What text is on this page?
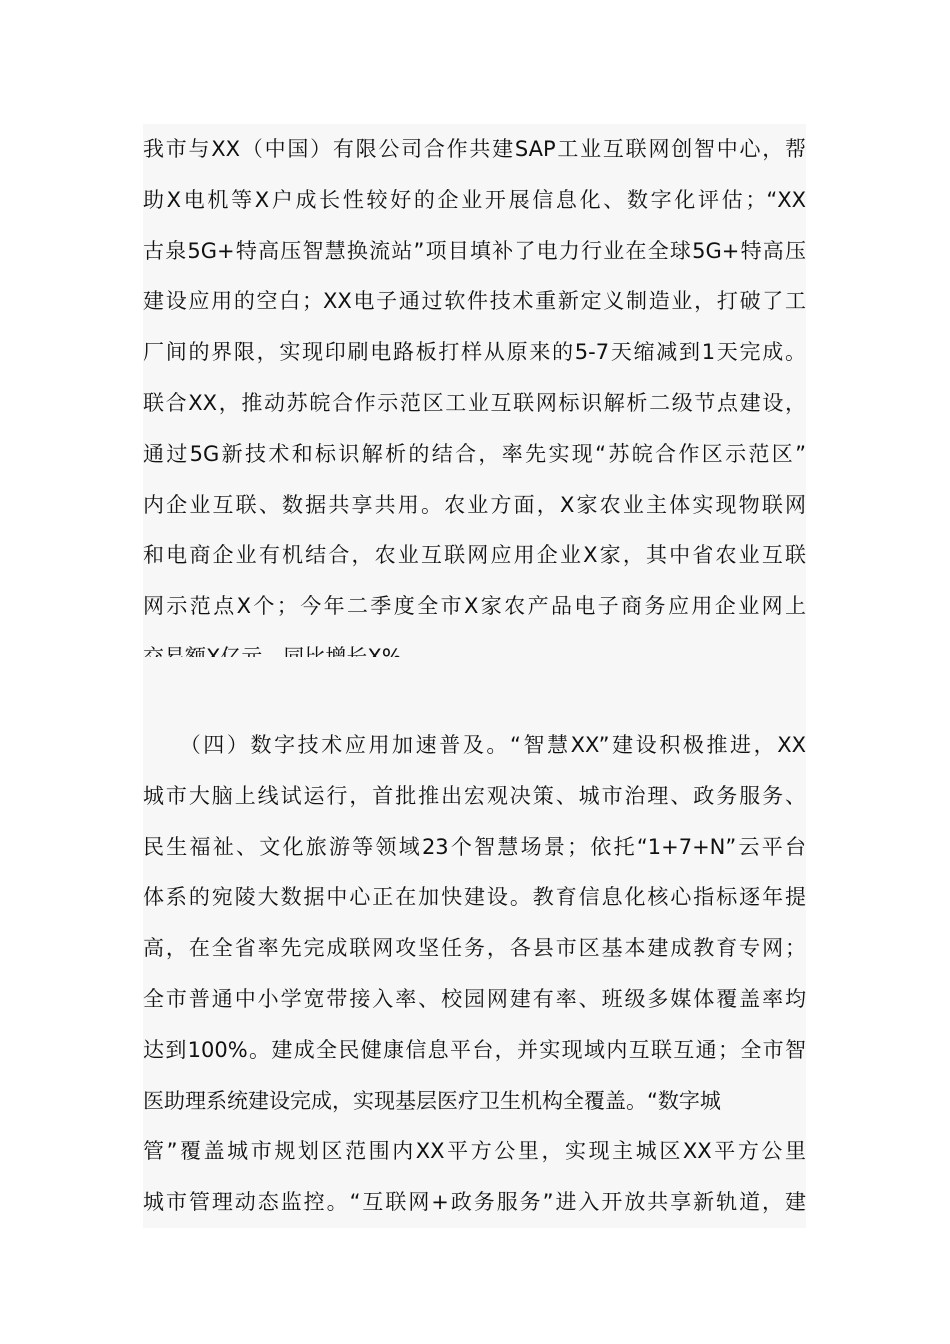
我市与XX（中国）有限公司合作共建SAP工业互联网创智中心，帮
助X电机等X户成长性较好的企业开展信息化、数字化评估；“XX
古泉5G+特高压智慧换流站”项目填补了电力行业在全球5G+特高压
建设应用的空白；XX电子通过软件技术重新定义制造业，打破了工
厂间的界限，实现印刷电路板打样从原来的5-7天缩减到1天完成。
联合XX，推动苏皖合作示范区工业互联网标识解析二级节点建设，
通过5G新技术和标识解析的结合，率先实现“苏皖合作区示范区”
内企业互联、数据共享共用。农业方面，X家农业主体实现物联网
和电商企业有机结合，农业互联网应用企业X家，其中省农业互联
网示范点X个；今年二季度全市X家农产品电子商务应用企业网上
　　（四）数字技术应用加速普及。“智慧XX”建设积极推进，XX
城市大脑上线试运行，首批推出宏观决策、城市治理、政务服务、
民生福祉、文化旅游等领域23个智慧场景；依托“1+7+N”云平台
体系的宛陵大数据中心正在加快建设。教育信息化核心指标逐年提
高，在全省率先完成联网攻坚任务，各县市区基本建成教育专网；
全市普通中小学宽带接入率、校园网建有率、班级多媒体覆盖率均
达到100%。建成全民健康信息平台，并实现域内互联互通；全市智
医助理系统建设完成，实现基层医疗卫生机构全覆盖。“数字城
管”覆盖城市规划区范围内XX平方公里，实现主城区XX平方公里
城市管理动态监控。“互联网+政务服务”进入开放共享新轨道，建
